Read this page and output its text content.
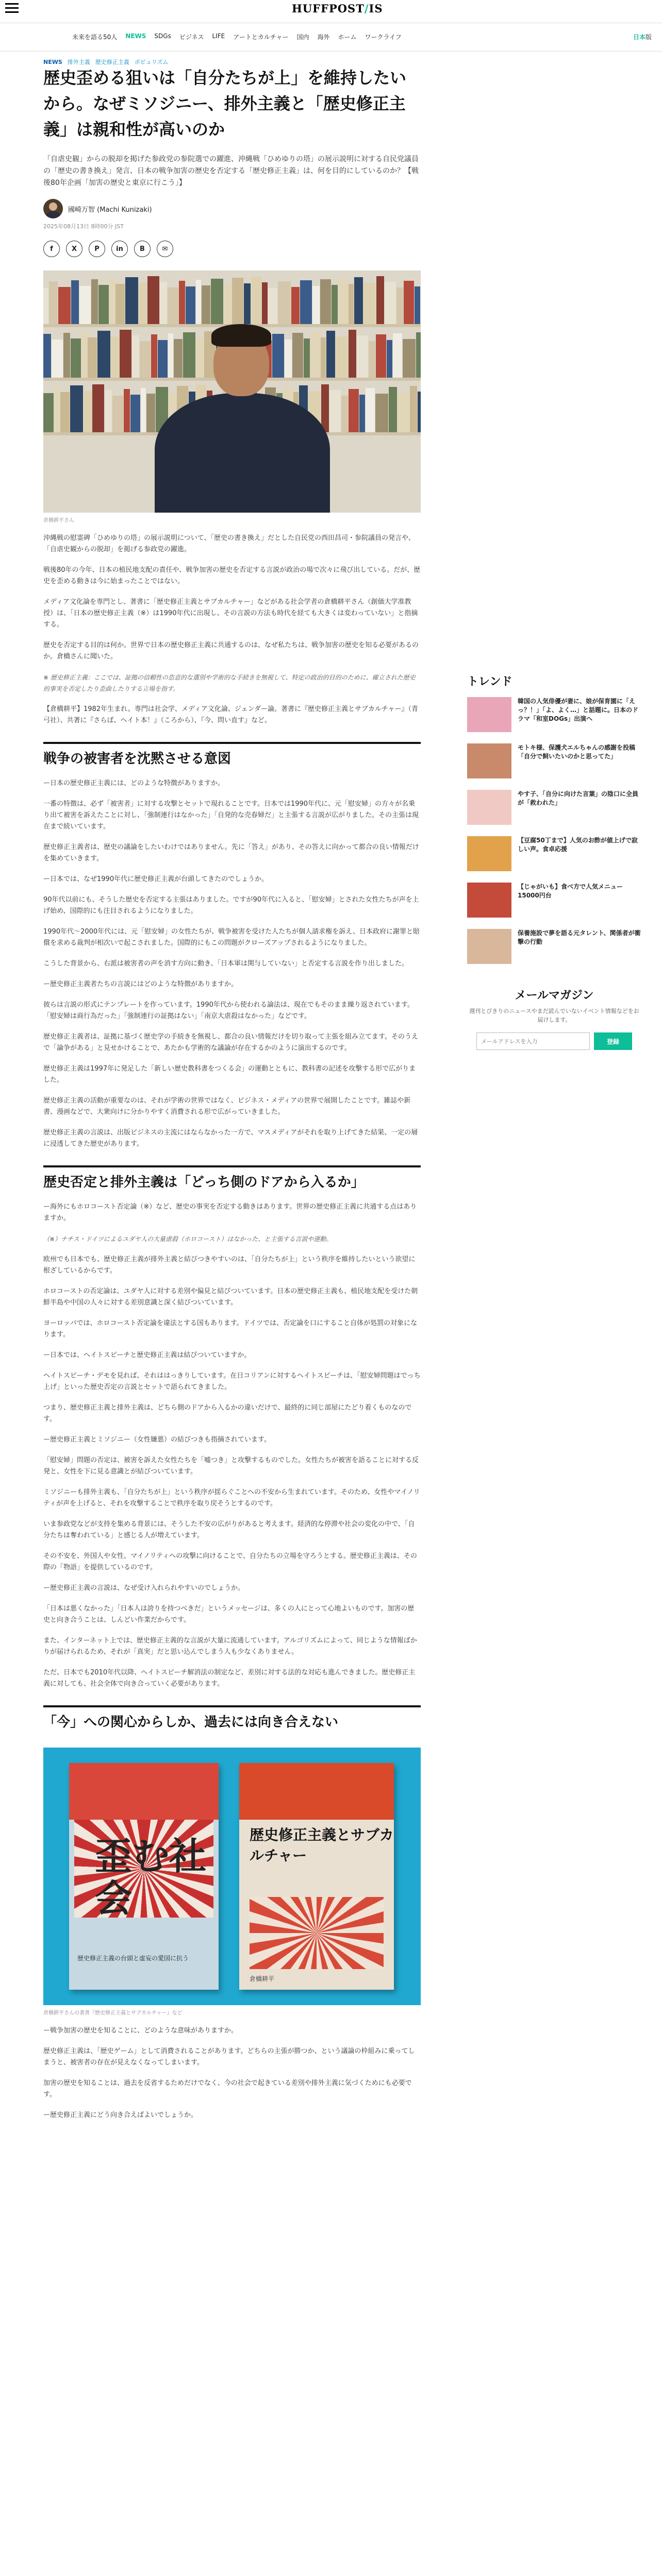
HUFFPOST/IS
未来を語る50人 NEWS SDGs ビジネス LIFE アートとカルチャー 国内 海外 ホーム ワークライフ	日本版
NEWS 排外主義 歴史修正主義 ポピュリズム
歴史歪める狙いは「自分たちが上」を維持したいから。なぜミソジニー、排外主義と「歴史修正主義」は親和性が高いのか
「自虐史観」からの脱却を掲げた参政党の参院選での躍進、沖縄戦「ひめゆりの塔」の展示説明に対する自民党議員の「歴史の書き換え」発言、日本の戦争加害の歴史を否定する「歴史修正主義」は、何を目的にしているのか？【戦後80年企画「加害の歴史と東京に行こう」】
國崎万智 (Machi Kunizaki)
2025年08月13日 8時00分 JST
f	X	P	in	B	✉
倉橋耕平さん

沖縄戦の慰霊碑「ひめゆりの塔」の展示説明について、「歴史の書き換え」だとした自民党の西田昌司・参院議員の発言や、「自虐史観からの脱却」を掲げる参政党の躍進。

戦後80年の今年、日本の植民地支配の責任や、戦争加害の歴史を否定する言説が政治の場で次々に飛び出している。だが、歴史を歪める動きは今に始まったことではない。

メディア文化論を専門とし、著書に「歴史修正主義とサブカルチャー」などがある社会学者の倉橋耕平さん（創価大学准教授）は、「日本の歴史修正主義（※）は1990年代に出現し、その言説の方法も時代を経ても大きくは変わっていない」と指摘する。

歴史を否定する目的は何か。世界で日本の歴史修正主義に共通するのは、なぜ私たちは、戦争加害の歴史を知る必要があるのか。倉橋さんに聞いた。

※ 歴史修正主義：ここでは、証拠の信頼性の恣意的な選別や学術的な手続きを無視して、特定の政治的目的のために、確立された歴史的事実を否定したり歪曲したりする立場を指す。

【倉橋耕平】1982年生まれ。専門は社会学、メディア文化論、ジェンダー論。著書に『歴史修正主義とサブカルチャー』（青弓社）、共著に『さらば、ヘイト本！』（ころから）、『今、問い直す』など。

戦争の被害者を沈黙させる意図

ー日本の歴史修正主義には、どのような特徴がありますか。

一番の特徴は、必ず「被害者」に対する攻撃とセットで現れることです。日本では1990年代に、元「慰安婦」の方々が名乗り出て被害を訴えたことに対し、「強制連行はなかった」「自発的な売春婦だ」と主張する言説が広がりました。その主張は現在まで続いています。

歴史修正主義者は、歴史の議論をしたいわけではありません。先に「答え」があり、その答えに向かって都合の良い情報だけを集めていきます。

ー日本では、なぜ1990年代に歴史修正主義が台頭してきたのでしょうか。

90年代以前にも、そうした歴史を否定する主張はありました。ですが90年代に入ると、「慰安婦」とされた女性たちが声を上げ始め、国際的にも注目されるようになりました。

1990年代〜2000年代には、元「慰安婦」の女性たちが、戦争被害を受けた人たちが個人請求権を訴え、日本政府に謝罪と賠償を求める裁判が相次いで起こされました。国際的にもこの問題がクローズアップされるようになりました。

こうした背景から、右派は被害者の声を消す方向に動き、「日本軍は関与していない」と否定する言説を作り出しました。

ー歴史修正主義者たちの言説にはどのような特徴がありますか。

彼らは言説の形式にテンプレートを作っています。1990年代から使われる論法は、現在でもそのまま繰り返されています。「慰安婦は商行為だった」「強制連行の証拠はない」「南京大虐殺はなかった」などです。

歴史修正主義者は、証拠に基づく歴史学の手続きを無視し、都合の良い情報だけを切り取って主張を組み立てます。そのうえで「論争がある」と見せかけることで、あたかも学術的な議論が存在するかのように演出するのです。

歴史修正主義は1997年に発足した「新しい歴史教科書をつくる会」の運動とともに、教科書の記述を攻撃する形で広がりました。

歴史修正主義の活動が重要なのは、それが学術の世界ではなく、ビジネス・メディアの世界で展開したことです。雑誌や新書、漫画などで、大衆向けに分かりやすく消費される形で広がっていきました。

歴史修正主義の言説は、出版ビジネスの主流にはならなかった一方で、マスメディアがそれを取り上げてきた結果、一定の層に浸透してきた歴史があります。

歴史否定と排外主義は「どっち側のドアから入るか」

ー海外にもホロコースト否定論（※）など、歴史の事実を否定する動きはあります。世界の歴史修正主義に共通する点はありますか。

（※）ナチス・ドイツによるユダヤ人の大量虐殺（ホロコースト）はなかった、と主張する言説や運動。

欧州でも日本でも、歴史修正主義が排外主義と結びつきやすいのは、「自分たちが上」という秩序を維持したいという欲望に根ざしているからです。

ホロコーストの否定論は、ユダヤ人に対する差別や偏見と結びついています。日本の歴史修正主義も、植民地支配を受けた朝鮮半島や中国の人々に対する差別意識と深く結びついています。

ヨーロッパでは、ホロコースト否定論を違法とする国もあります。ドイツでは、否定論を口にすること自体が処罰の対象になります。

ー日本では、ヘイトスピーチと歴史修正主義は結びついていますか。

ヘイトスピーチ・デモを見れば、それははっきりしています。在日コリアンに対するヘイトスピーチは、「慰安婦問題はでっち上げ」といった歴史否定の言説とセットで語られてきました。

つまり、歴史修正主義と排外主義は、どちら側のドアから入るかの違いだけで、最終的に同じ部屋にたどり着くものなのです。

ー歴史修正主義とミソジニー（女性嫌悪）の結びつきも指摘されています。

「慰安婦」問題の否定は、被害を訴えた女性たちを「嘘つき」と攻撃するものでした。女性たちが被害を語ることに対する反発と、女性を下に見る意識とが結びついています。

ミソジニーも排外主義も、「自分たちが上」という秩序が揺らぐことへの不安から生まれています。そのため、女性やマイノリティが声を上げると、それを攻撃することで秩序を取り戻そうとするのです。

いま参政党などが支持を集める背景には、そうした不安の広がりがあると考えます。経済的な停滞や社会の変化の中で、「自分たちは奪われている」と感じる人が増えています。

その不安を、外国人や女性、マイノリティへの攻撃に向けることで、自分たちの立場を守ろうとする。歴史修正主義は、その際の「物語」を提供しているのです。

ー歴史修正主義の言説は、なぜ受け入れられやすいのでしょうか。

「日本は悪くなかった」「日本人は誇りを持つべきだ」というメッセージは、多くの人にとって心地よいものです。加害の歴史と向き合うことは、しんどい作業だからです。

また、インターネット上では、歴史修正主義的な言説が大量に流通しています。アルゴリズムによって、同じような情報ばかりが届けられるため、それが「真実」だと思い込んでしまう人も少なくありません。

ただ、日本でも2010年代以降、ヘイトスピーチ解消法の制定など、差別に対する法的な対応も進んできました。歴史修正主義に対しても、社会全体で向き合っていく必要があります。

「今」への関心からしか、過去には向き合えない
歪む社会
歴史修正主義の台頭と虚妄の愛国に抗う
歴史修正主義とサブカルチャー
倉橋耕平
倉橋耕平さんの著書『歴史修正主義とサブカルチャー』など

ー戦争加害の歴史を知ることに、どのような意味がありますか。

歴史修正主義は、「歴史ゲーム」として消費されることがあります。どちらの主張が勝つか、という議論の枠組みに乗ってしまうと、被害者の存在が見えなくなってしまいます。

加害の歴史を知ることは、過去を反省するためだけでなく、今の社会で起きている差別や排外主義に気づくためにも必要です。

ー歴史修正主義にどう向き合えばよいでしょうか。

トレンド
韓国の人気俳優が妻に、娘が保育園に「えっ？！」「よ、よく…」と話題に。日本のドラマ「和室DOGs」出演へ
モトキ様、保護犬エルちゃんの感謝を投稿「自分で飼いたいのかと思ってた」
やす子、「自分に向けた言葉」の陰口に全員が「救われた」
【豆腐50丁まで】人気のお酢が値上げで寂しい声。食卓応援
【じゃがいも】食べ方で人気メニュー15000円台
保養施設で夢を語る元タレント、関係者が衝撃の行動
メールマガジン
週刊とびきりのニュースやまだ読んでいないイベント情報などをお届けします。
メールアドレスを入力
登録
